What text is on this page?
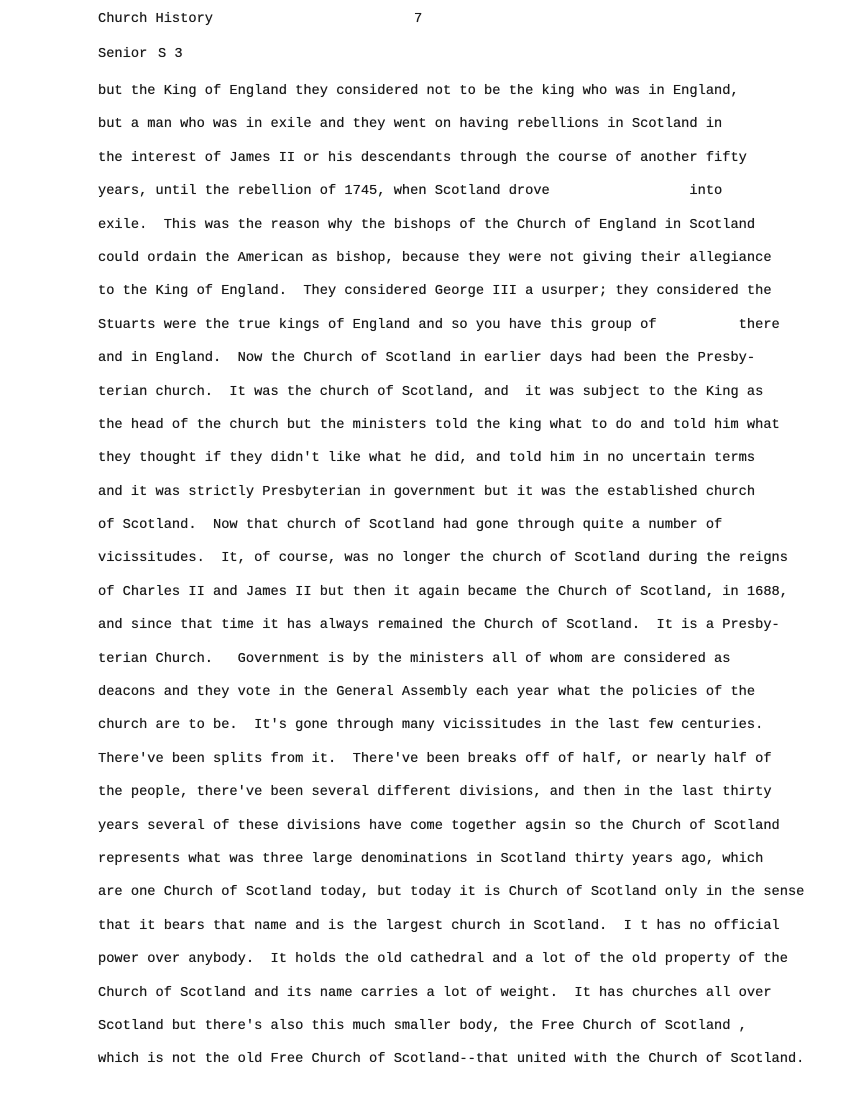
Church History	7
Senior S 3
but the King of England they considered not to be the king who was in England,
but a man who was in exile and they went on having rebellions in Scotland in
the interest of James II or his descendants through the course of another fifty
years, until the rebellion of 1745, when Scotland drove                 into
exile.  This was the reason why the bishops of the Church of England in Scotland
could ordain the American as bishop, because they were not giving their allegiance
to the King of England.  They considered George III a usurper; they considered the
Stuarts were the true kings of England and so you have this group of          there
and in England.  Now the Church of Scotland in earlier days had been the Presby-
terian church.  It was the church of Scotland, and  it was subject to the King as
the head of the church but the ministers told the king what to do and told him what
they thought if they didn't like what he did, and told him in no uncertain terms
and it was strictly Presbyterian in government but it was the established church
of Scotland.  Now that church of Scotland had gone through quite a number of
vicissitudes.  It, of course, was no longer the church of Scotland during the reigns
of Charles II and James II but then it again became the Church of Scotland, in 1688,
and since that time it has always remained the Church of Scotland.  It is a Presby-
terian Church.   Government is by the ministers all of whom are considered as
deacons and they vote in the General Assembly each year what the policies of the
church are to be.  It's gone through many vicissitudes in the last few centuries.
There've been splits from it.  There've been breaks off of half, or nearly half of
the people, there've been several different divisions, and then in the last thirty
years several of these divisions have come together agsin so the Church of Scotland
represents what was three large denominations in Scotland thirty years ago, which
are one Church of Scotland today, but today it is Church of Scotland only in the sense
that it bears that name and is the largest church in Scotland.  I t has no official
power over anybody.  It holds the old cathedral and a lot of the old property of the
Church of Scotland and its name carries a lot of weight.  It has churches all over
Scotland but there's also this much smaller body, the Free Church of Scotland ,
which is not the old Free Church of Scotland--that united with the Church of Scotland.
